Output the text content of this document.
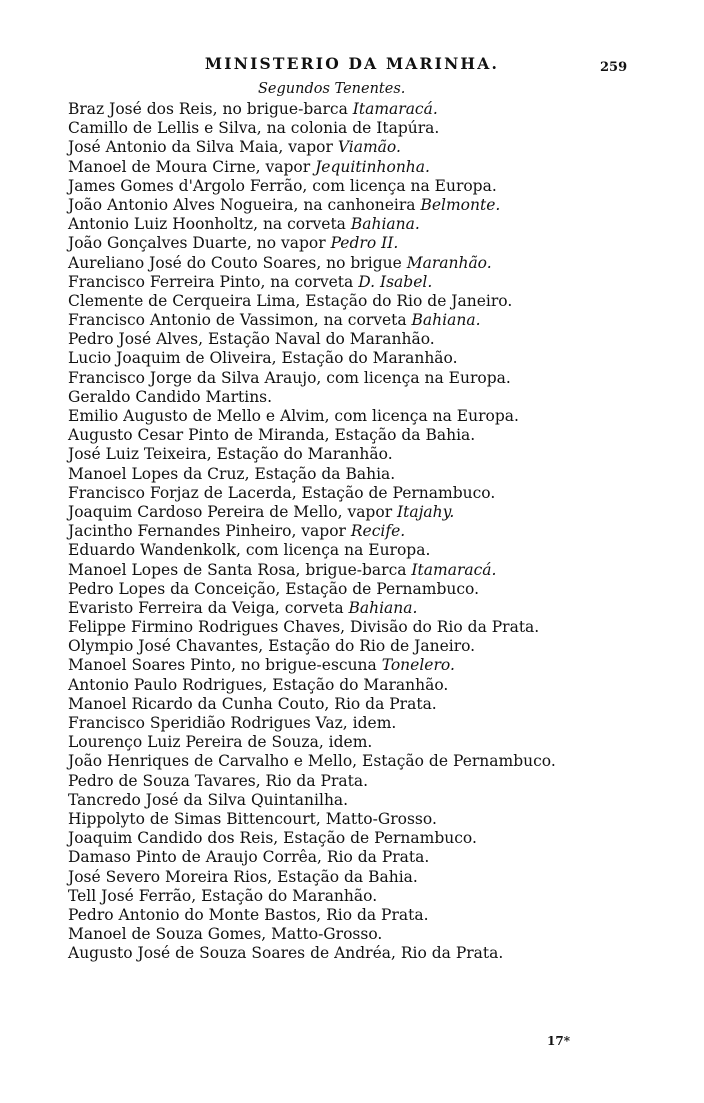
MINISTERIO DA MARINHA.	259
Segundos Tenentes.
Braz José dos Reis, no brigue-barca Itamaracá.
Camillo de Lellis e Silva, na colonia de Itapúra.
José Antonio da Silva Maia, vapor Viamão.
Manoel de Moura Cirne, vapor Jequitinhonha.
James Gomes d'Argolo Ferrão, com licença na Europa.
João Antonio Alves Nogueira, na canhoneira Belmonte.
Antonio Luiz Hoonholtz, na corveta Bahiana.
João Gonçalves Duarte, no vapor Pedro II.
Aureliano José do Couto Soares, no brigue Maranhão.
Francisco Ferreira Pinto, na corveta D. Isabel.
Clemente de Cerqueira Lima, Estação do Rio de Janeiro.
Francisco Antonio de Vassimon, na corveta Bahiana.
Pedro José Alves, Estação Naval do Maranhão.
Lucio Joaquim de Oliveira, Estação do Maranhão.
Francisco Jorge da Silva Araujo, com licença na Europa.
Geraldo Candido Martins.
Emilio Augusto de Mello e Alvim, com licença na Europa.
Augusto Cesar Pinto de Miranda, Estação da Bahia.
José Luiz Teixeira, Estação do Maranhão.
Manoel Lopes da Cruz, Estação da Bahia.
Francisco Forjaz de Lacerda, Estação de Pernambuco.
Joaquim Cardoso Pereira de Mello, vapor Itajahy.
Jacintho Fernandes Pinheiro, vapor Recife.
Eduardo Wandenkolk, com licença na Europa.
Manoel Lopes de Santa Rosa, brigue-barca Itamaracá.
Pedro Lopes da Conceição, Estação de Pernambuco.
Evaristo Ferreira da Veiga, corveta Bahiana.
Felippe Firmino Rodrigues Chaves, Divisão do Rio da Prata.
Olympio José Chavantes, Estação do Rio de Janeiro.
Manoel Soares Pinto, no brigue-escuna Tonelero.
Antonio Paulo Rodrigues, Estação do Maranhão.
Manoel Ricardo da Cunha Couto, Rio da Prata.
Francisco Speridião Rodrigues Vaz, idem.
Lourenço Luiz Pereira de Souza, idem.
João Henriques de Carvalho e Mello, Estação de Pernambuco.
Pedro de Souza Tavares, Rio da Prata.
Tancredo José da Silva Quintanilha.
Hippolyto de Simas Bittencourt, Matto-Grosso.
Joaquim Candido dos Reis, Estação de Pernambuco.
Damaso Pinto de Araujo Corrêa, Rio da Prata.
José Severo Moreira Rios, Estação da Bahia.
Tell José Ferrão, Estação do Maranhão.
Pedro Antonio do Monte Bastos, Rio da Prata.
Manoel de Souza Gomes, Matto-Grosso.
Augusto José de Souza Soares de Andréa, Rio da Prata.
17*
